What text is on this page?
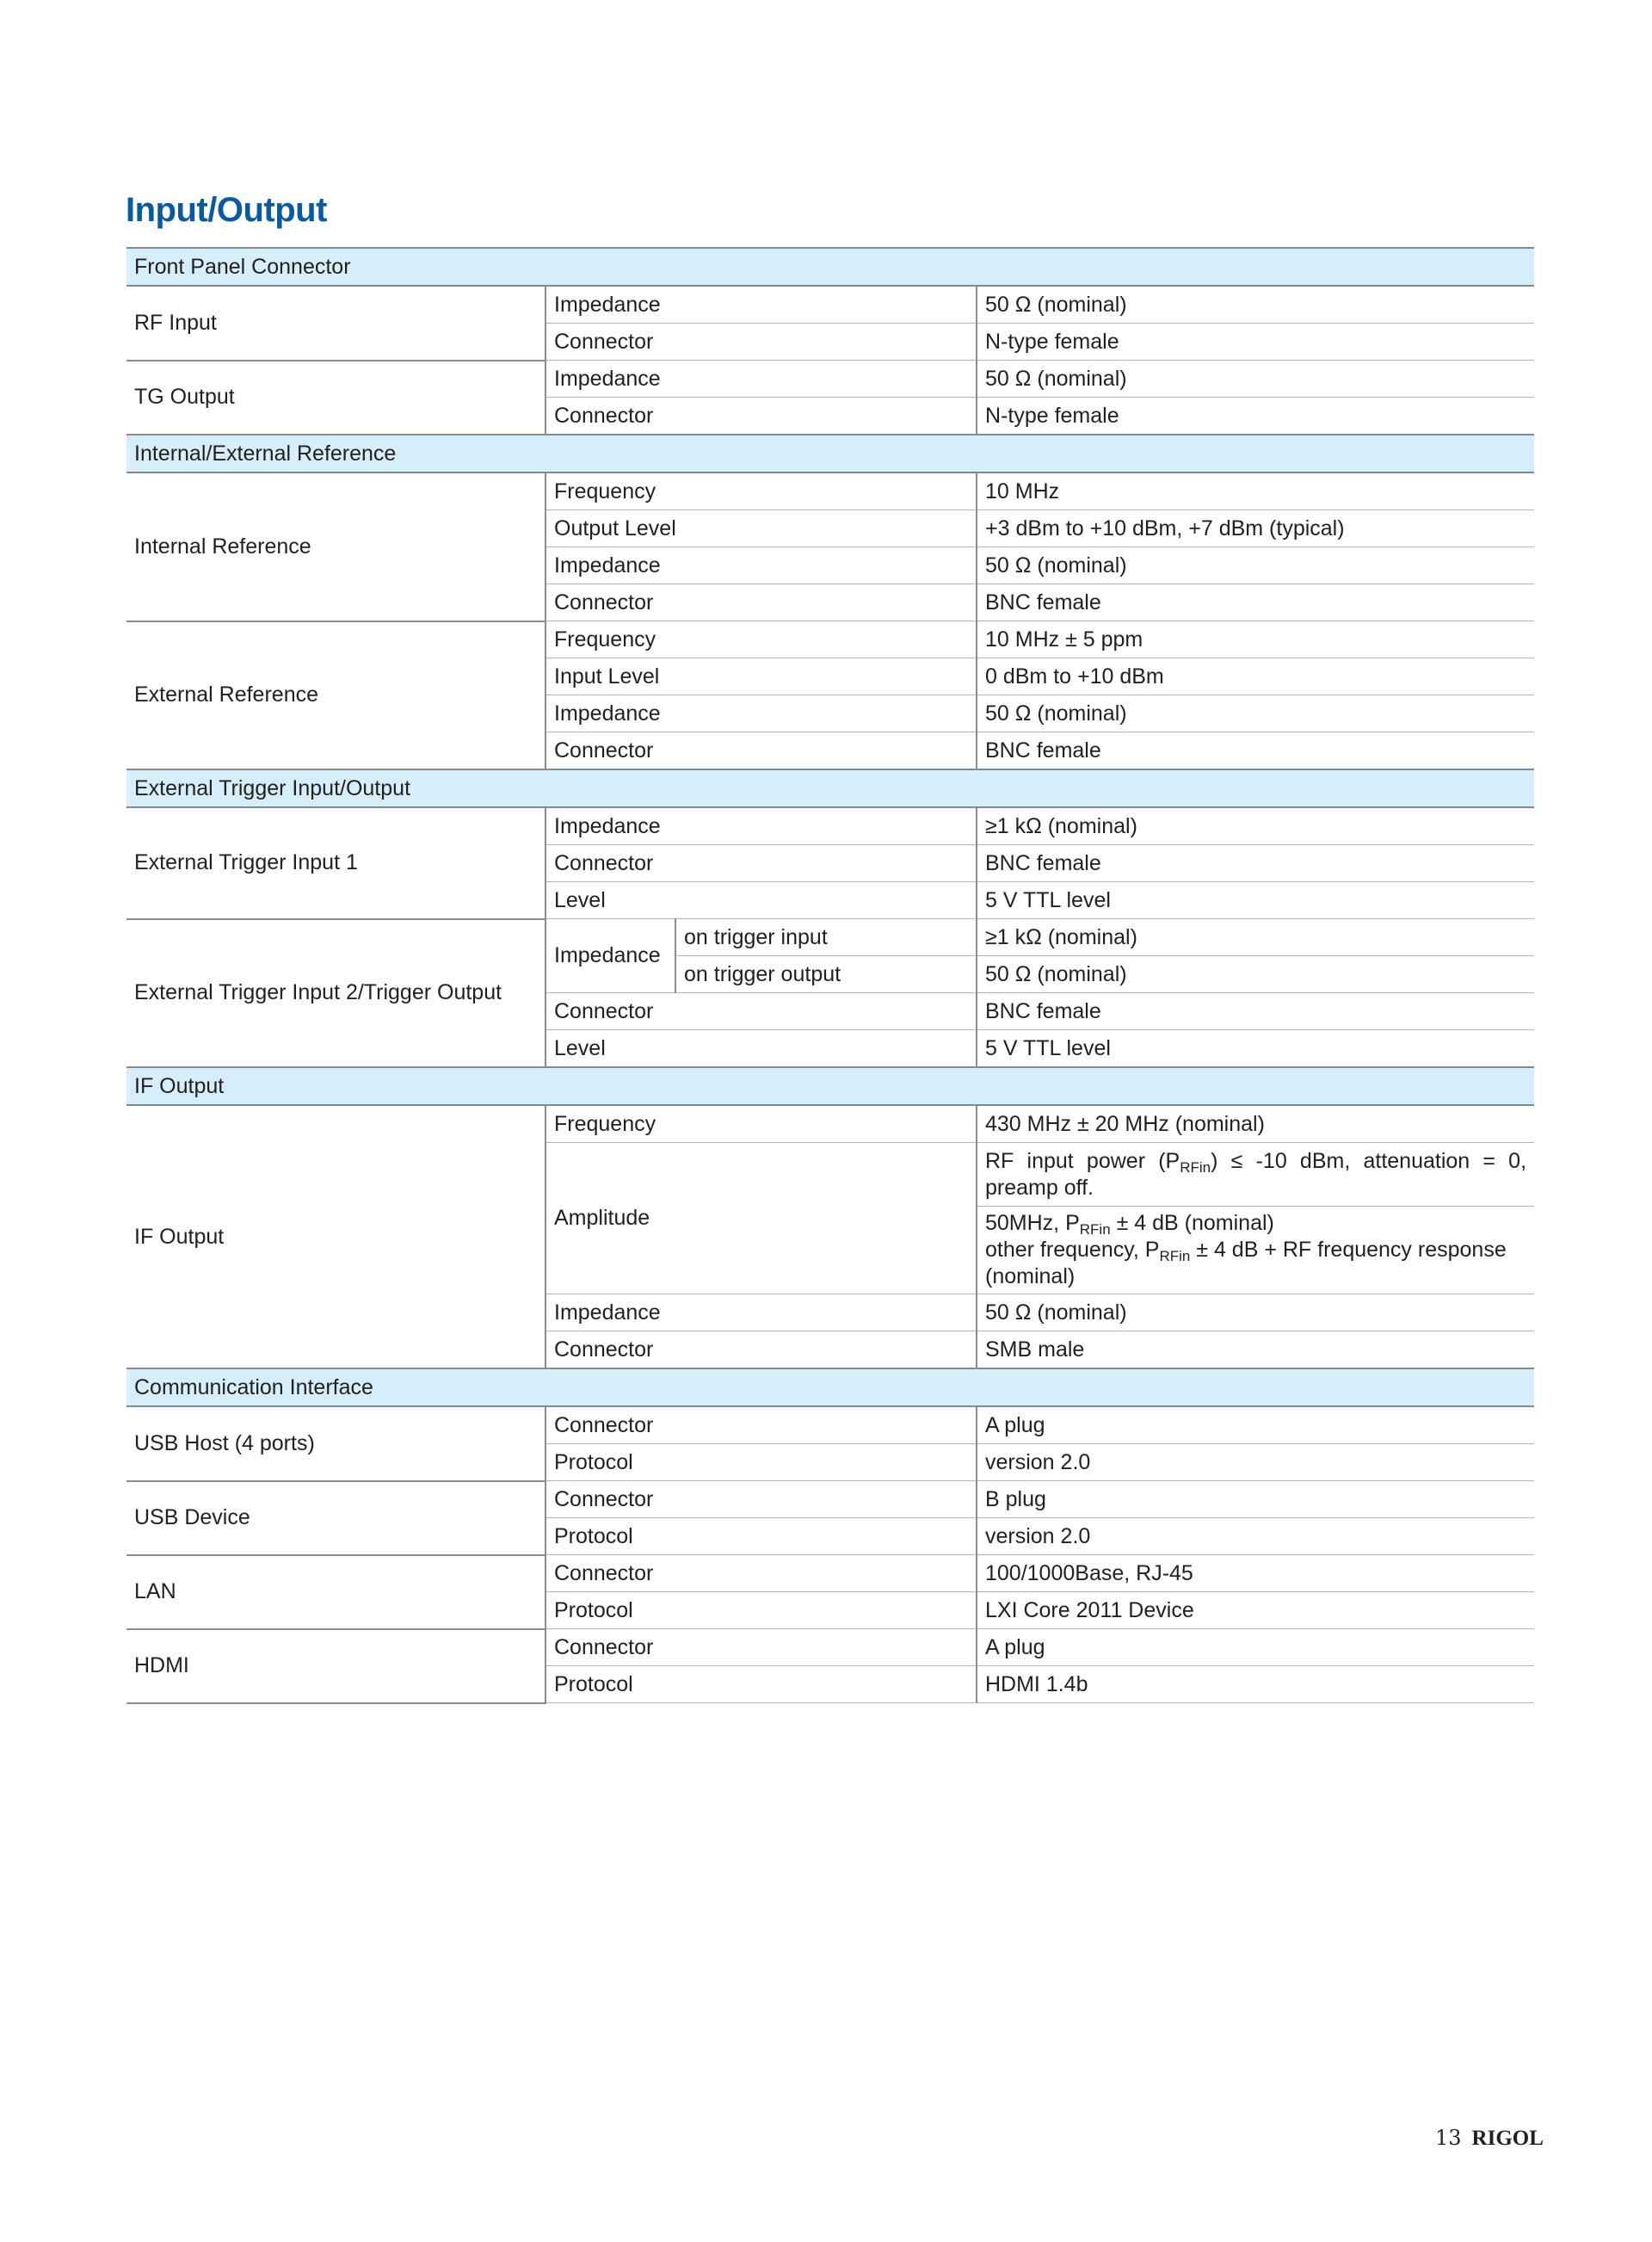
Input/Output
Front Panel Connector			
RF Input	Impedance		50 Ω (nominal)
	Connector		N-type female
TG Output	Impedance		50 Ω (nominal)
	Connector		N-type female
Internal/External Reference			
Internal Reference	Frequency		10 MHz
	Output Level		+3 dBm to +10 dBm, +7 dBm (typical)
	Impedance		50 Ω (nominal)
	Connector		BNC female
External Reference	Frequency		10 MHz ± 5 ppm
	Input Level		0 dBm to +10 dBm
	Impedance		50 Ω (nominal)
	Connector		BNC female
External Trigger Input/Output			
External Trigger Input 1	Impedance		≥1 kΩ (nominal)
	Connector		BNC female
	Level		5 V TTL level
External Trigger Input 2/Trigger Output	Impedance	on trigger input	≥1 kΩ (nominal)
		on trigger output	50 Ω (nominal)
	Connector		BNC female
	Level		5 V TTL level
IF Output			
IF Output	Frequency		430 MHz ± 20 MHz (nominal)
	Amplitude		RF input power $(P_{RFin}) \le -10$ dBm, attenuation = 0, preamp off.
			50MHz, $P_{RFin} \pm 4$ dB (nominal)
other frequency, $P_{RFin} \pm 4$ dB + RF frequency response (nominal)
	Impedance		50 Ω (nominal)
	Connector		SMB male
Communication Interface			
USB Host (4 ports)	Connector		A plug
	Protocol		version 2.0
USB Device	Connector		B plug
	Protocol		version 2.0
LAN	Connector		100/1000Base, RJ-45
	Protocol		LXI Core 2011 Device
HDMI	Connector		A plug
	Protocol		HDMI 1.4b
13 RIGOL
